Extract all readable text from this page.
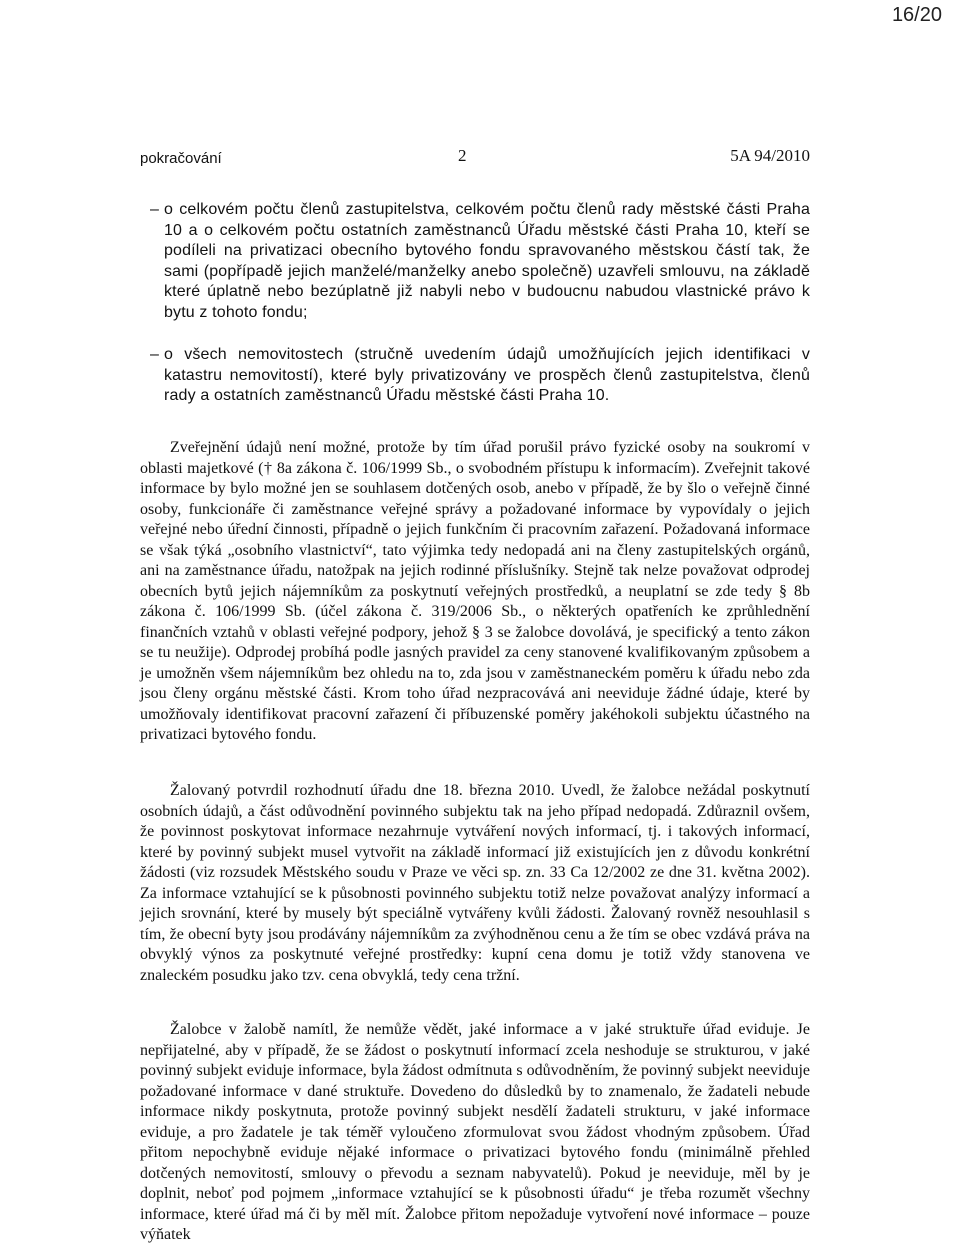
16/20
pokračování	2	5A 94/2010
– o celkovém počtu členů zastupitelstva, celkovém počtu členů rady městské části Praha 10 a o celkovém počtu ostatních zaměstnanců Úřadu městské části Praha 10, kteří se podíleli na privatizaci obecního bytového fondu spravovaného městskou částí tak, že sami (popřípadě jejich manželé/manželky anebo společně) uzavřeli smlouvu, na základě které úplatně nebo bezúplatně již nabyli nebo v budoucnu nabudou vlastnické právo k bytu z tohoto fondu;
– o všech nemovitostech (stručně uvedením údajů umožňujících jejich identifikaci v katastru nemovitostí), které byly privatizovány ve prospěch členů zastupitelstva, členů rady a ostatních zaměstnanců Úřadu městské části Praha 10.

Zveřejnění údajů není možné, protože by tím úřad porušil právo fyzické osoby na soukromí v oblasti majetkové († 8a zákona č. 106/1999 Sb., o svobodném přístupu k informacím). Zveřejnit takové informace by bylo možné jen se souhlasem dotčených osob, anebo v případě, že by šlo o veřejně činné osoby, funkcionáře či zaměstnance veřejné správy a požadované informace by vypovídaly o jejich veřejné nebo úřední činnosti, případně o jejich funkčním či pracovním zařazení. Požadovaná informace se však týká „osobního vlastnictví“, tato výjimka tedy nedopadá ani na členy zastupitelských orgánů, ani na zaměstnance úřadu, natožpak na jejich rodinné příslušníky. Stejně tak nelze považovat odprodej obecních bytů jejich nájemníkům za poskytnutí veřejných prostředků, a neuplatní se zde tedy § 8b zákona č. 106/1999 Sb. (účel zákona č. 319/2006 Sb., o některých opatřeních ke zprůhlednění finančních vztahů v oblasti veřejné podpory, jehož § 3 se žalobce dovolává, je specifický a tento zákon se tu neužije). Odprodej probíhá podle jasných pravidel za ceny stanovené kvalifikovaným způsobem a je umožněn všem nájemníkům bez ohledu na to, zda jsou v zaměstnaneckém poměru k úřadu nebo zda jsou členy orgánu městské části. Krom toho úřad nezpracovává ani neeviduje žádné údaje, které by umožňovaly identifikovat pracovní zařazení či příbuzenské poměry jakéhokoli subjektu účastného na privatizaci bytového fondu.

Žalovaný potvrdil rozhodnutí úřadu dne 18. března 2010. Uvedl, že žalobce nežádal poskytnutí osobních údajů, a část odůvodnění povinného subjektu tak na jeho případ nedopadá. Zdůraznil ovšem, že povinnost poskytovat informace nezahrnuje vytváření nových informací, tj. i takových informací, které by povinný subjekt musel vytvořit na základě informací již existujících jen z důvodu konkrétní žádosti (viz rozsudek Městského soudu v Praze ve věci sp. zn. 33 Ca 12/2002 ze dne 31. května 2002). Za informace vztahující se k působnosti povinného subjektu totiž nelze považovat analýzy informací a jejich srovnání, které by musely být speciálně vytvářeny kvůli žádosti. Žalovaný rovněž nesouhlasil s tím, že obecní byty jsou prodávány nájemníkům za zvýhodněnou cenu a že tím se obec vzdává práva na obvyklý výnos za poskytnuté veřejné prostředky: kupní cena domu je totiž vždy stanovena ve znaleckém posudku jako tzv. cena obvyklá, tedy cena tržní.

Žalobce v žalobě namítl, že nemůže vědět, jaké informace a v jaké struktuře úřad eviduje. Je nepřijatelné, aby v případě, že se žádost o poskytnutí informací zcela neshoduje se strukturou, v jaké povinný subjekt eviduje informace, byla žádost odmítnuta s odůvodněním, že povinný subjekt neeviduje požadované informace v dané struktuře. Dovedeno do důsledků by to znamenalo, že žadateli nebude informace nikdy poskytnuta, protože povinný subjekt nesdělí žadateli strukturu, v jaké informace eviduje, a pro žadatele je tak téměř vyloučeno zformulovat svou žádost vhodným způsobem. Úřad přitom nepochybně eviduje nějaké informace o privatizaci bytového fondu (minimálně přehled dotčených nemovitostí, smlouvy o převodu a seznam nabyvatelů). Pokud je neeviduje, měl by je doplnit, neboť pod pojmem „informace vztahující se k působnosti úřadu“ je třeba rozumět všechny informace, které úřad má či by měl mít. Žalobce přitom nepožaduje vytvoření nové informace – pouze výňatek
